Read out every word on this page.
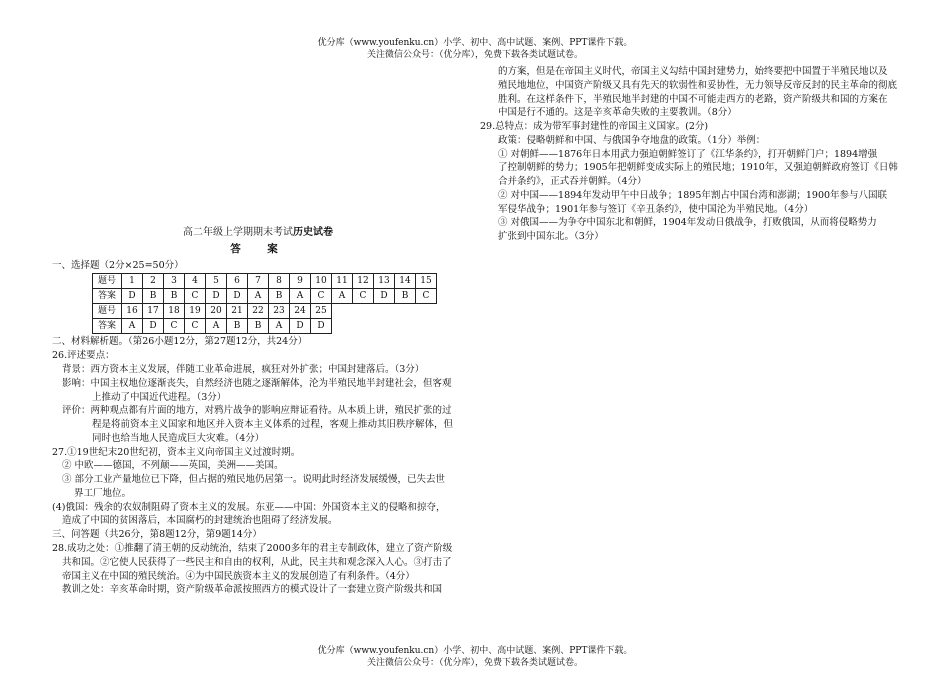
优分库（www.youfenku.cn）小学、初中、高中试题、案例、PPT课件下载。
关注微信公众号：（优分库），免费下载各类试题试卷。

高二年级上学期期末考试历史试卷

答　案

一、选择题（2分×25=50分）

题号	1	2	3	4	5	6	7	8	9	10	11	12	13	14	15
答案	D	B	B	C	D	D	A	B	A	C	A	C	D	B	C
题号	16	17	18	19	20	21	22	23	24	25					
答案	A	D	C	C	A	B	B	A	D	D					

二、材料解析题。（第26小题12分，第27题12分，共24分）

26.评述要点：

背景：西方资本主义发展，伴随工业革命进展，疯狂对外扩张；中国封建落后。（3分）

影响：中国主权地位逐渐丧失，自然经济也随之逐渐解体，沦为半殖民地半封建社会，但客观

上推动了中国近代进程。（3分）

评价：两种观点都有片面的地方，对鸦片战争的影响应辩证看待。从本质上讲，殖民扩张的过

程是将前资本主义国家和地区并入资本主义体系的过程，客观上推动其旧秩序解体，但

同时也给当地人民造成巨大灾难。（4分）

27.①19世纪末20世纪初，资本主义向帝国主义过渡时期。

② 中欧——德国，不列颠——英国，美洲——美国。

③ 部分工业产量地位已下降，但占据的殖民地仍居第一。说明此时经济发展缓慢，已失去世

界工厂地位。

(4)俄国：残余的农奴制阻碍了资本主义的发展。东亚——中国：外国资本主义的侵略和掠夺，

造成了中国的贫困落后，本国腐朽的封建统治也阻碍了经济发展。

三、问答题（共26分，第8题12分，第9题14分）

28.成功之处：①推翻了清王朝的反动统治，结束了2000多年的君主专制政体，建立了资产阶级

共和国。②它使人民获得了一些民主和自由的权利，从此，民主共和观念深入人心。③打击了

帝国主义在中国的殖民统治。④为中国民族资本主义的发展创造了有利条件。（4分）

教训之处：辛亥革命时期，资产阶级革命派按照西方的模式设计了一套建立资产阶级共和国

的方案，但是在帝国主义时代，帝国主义勾结中国封建势力，始终要把中国置于半殖民地以及

殖民地地位，中国资产阶级又具有先天的软弱性和妥协性，无力领导反帝反封的民主革命的彻底

胜利。在这样条件下，半殖民地半封建的中国不可能走西方的老路，资产阶级共和国的方案在

中国是行不通的。这是辛亥革命失败的主要教训。（8分）

29.总特点：成为带军事封建性的帝国主义国家。(2分)

政策：侵略朝鲜和中国、与俄国争夺地盘的政策。（1分）举例：

① 对朝鲜——1876年日本用武力强迫朝鲜签订了《江华条约》，打开朝鲜门户；1894增强

了控制朝鲜的势力；1905年把朝鲜变成实际上的殖民地；1910年，又强迫朝鲜政府签订《日韩

合并条约》，正式吞并朝鲜。（4分）

② 对中国——1894年发动甲午中日战争；1895年割占中国台湾和澎湖；1900年参与八国联

军侵华战争；1901年参与签订《辛丑条约》，使中国沦为半殖民地。（4分）

③ 对俄国——为争夺中国东北和朝鲜，1904年发动日俄战争，打败俄国，从而将侵略势力

扩张到中国东北。（3分）

优分库（www.youfenku.cn）小学、初中、高中试题、案例、PPT课件下载。
关注微信公众号：（优分库），免费下载各类试题试卷。
